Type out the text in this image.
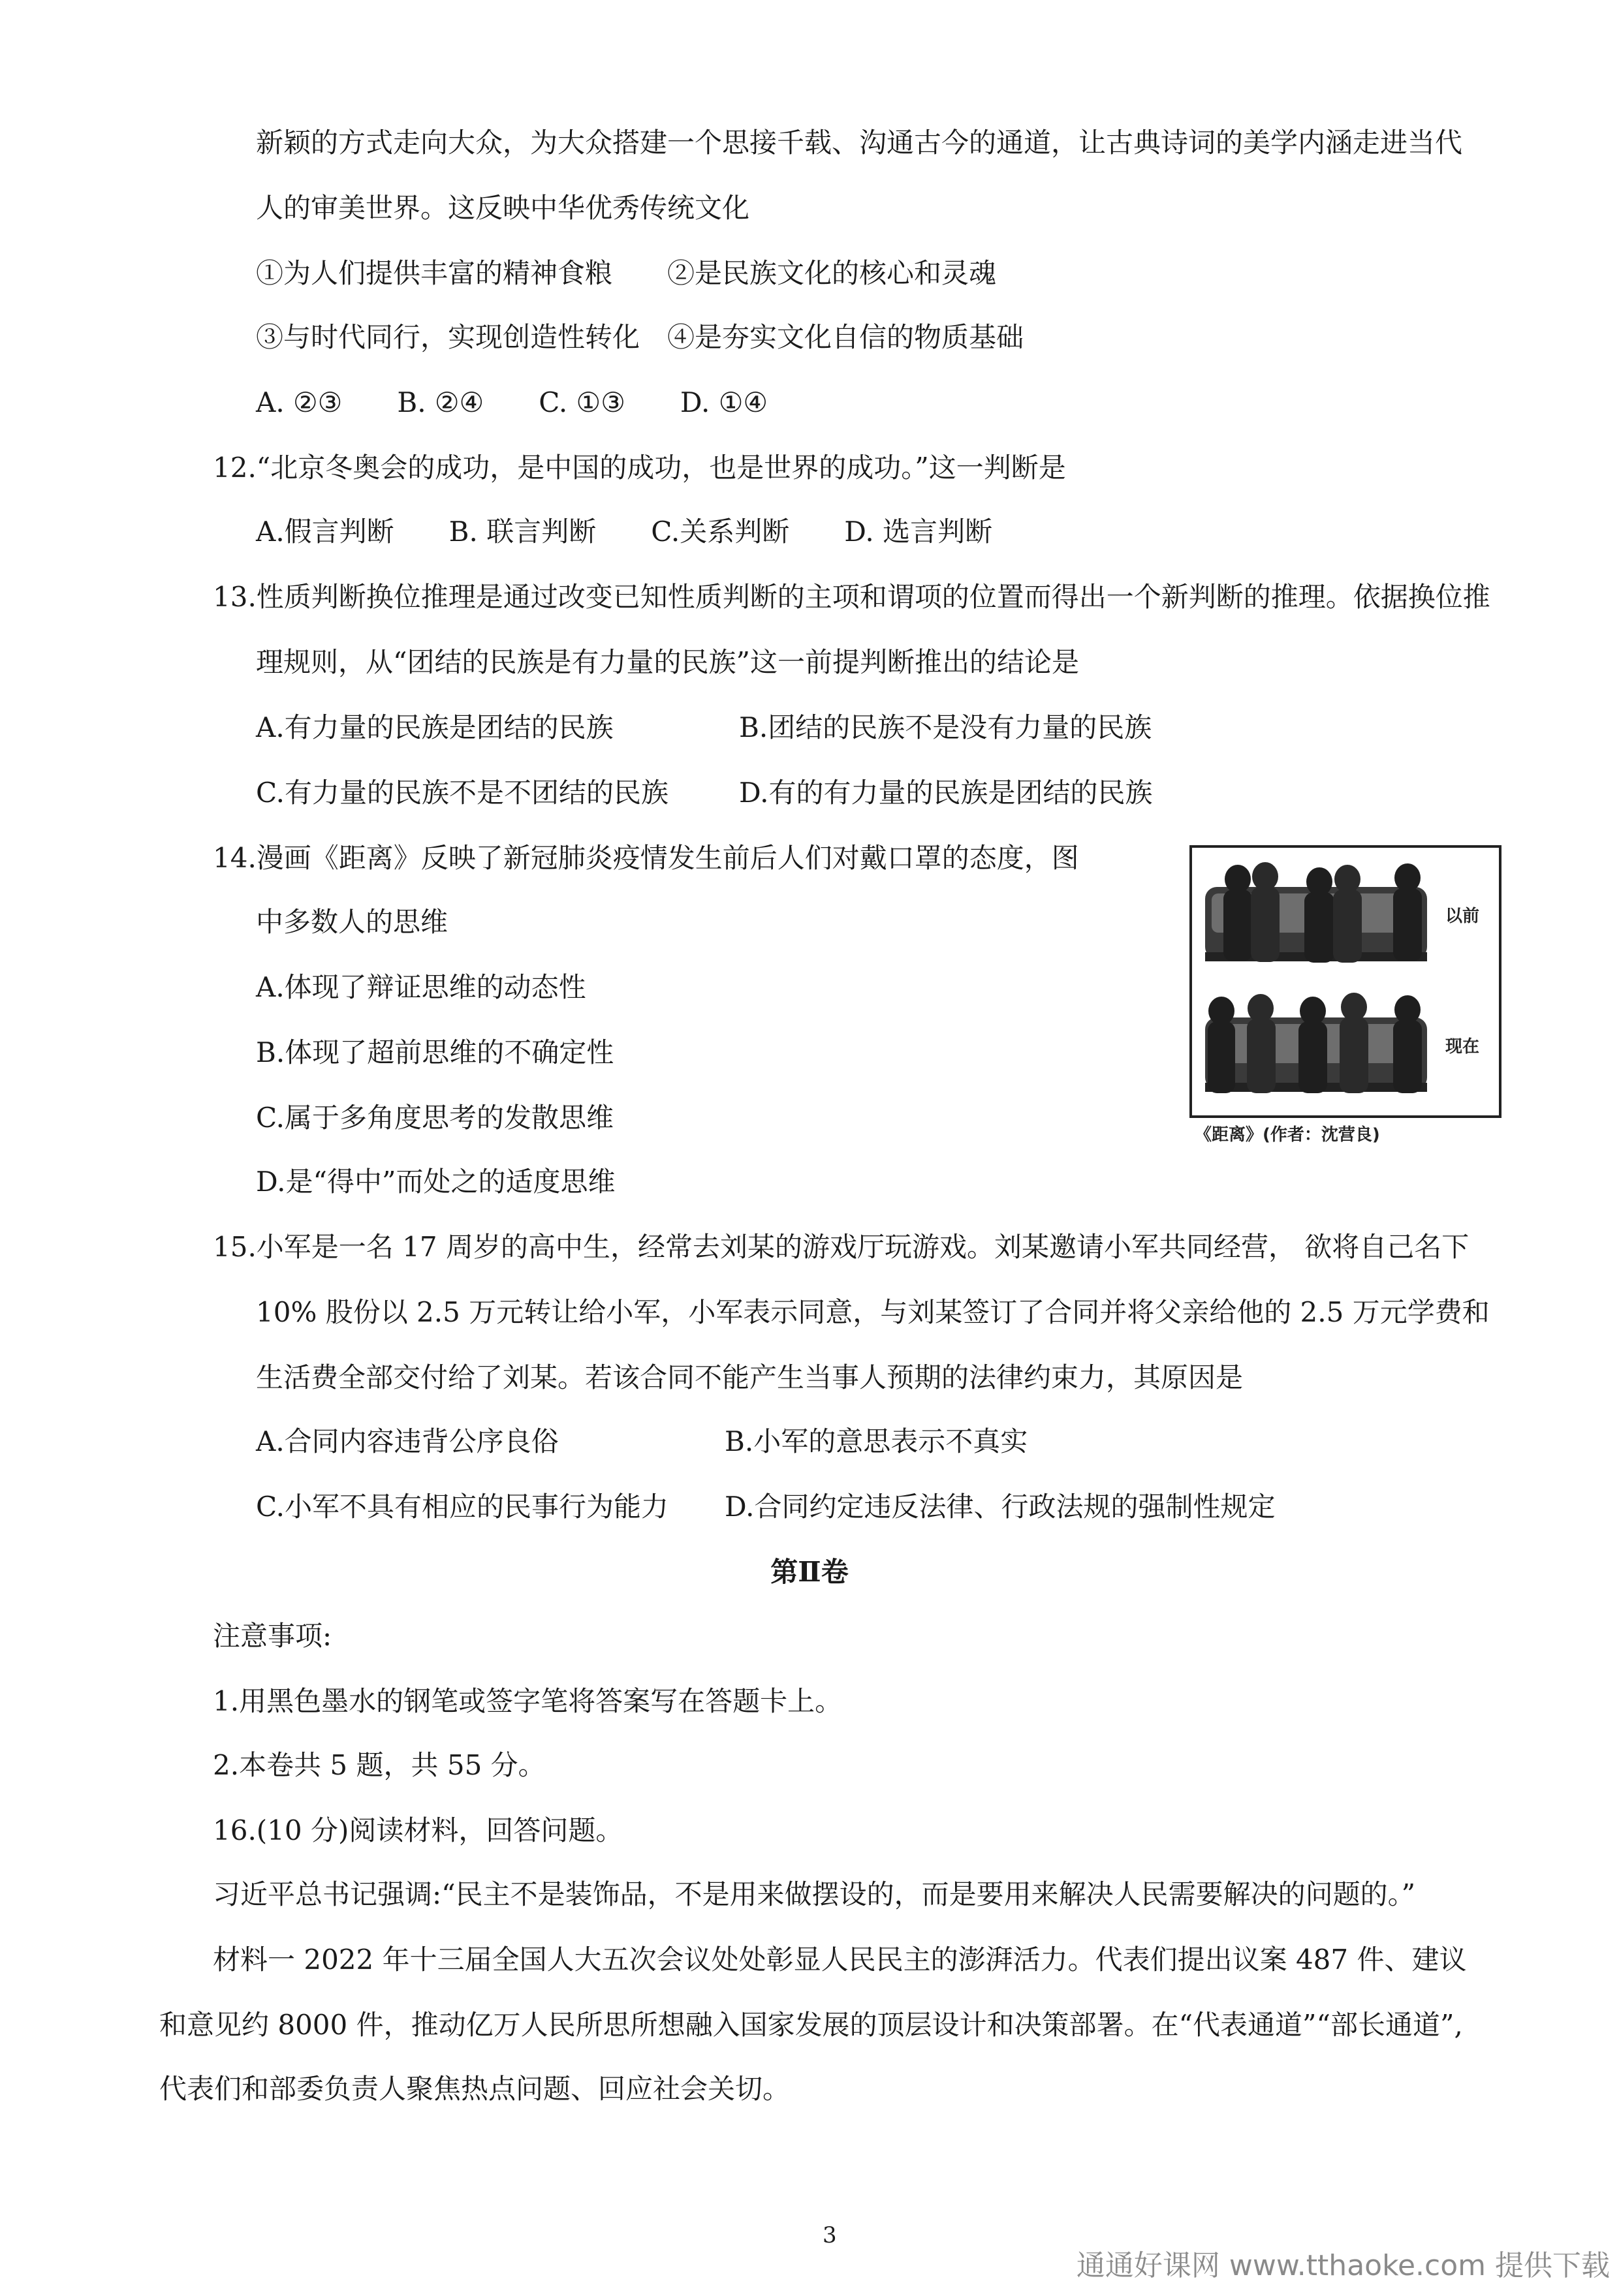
新颖的方式走向大众，为大众搭建一个思接千载、沟通古今的通道，让古典诗词的美学内涵走进当代
人的审美世界。这反映中华优秀传统文化
①为人们提供丰富的精神食粮　　②是民族文化的核心和灵魂
③与时代同行，实现创造性转化　④是夯实文化自信的物质基础
A. ②③　　B. ②④　　C. ①③　　D. ①④
12.“北京冬奥会的成功，是中国的成功，也是世界的成功。”这一判断是
A.假言判断　　B. 联言判断　　C.关系判断　　D. 选言判断
13.性质判断换位推理是通过改变已知性质判断的主项和谓项的位置而得出一个新判断的推理。依据换位推
理规则，从“团结的民族是有力量的民族”这一前提判断推出的结论是
A.有力量的民族是团结的民族	B.团结的民族不是没有力量的民族
C.有力量的民族不是不团结的民族	D.有的有力量的民族是团结的民族
14.漫画《距离》反映了新冠肺炎疫情发生前后人们对戴口罩的态度，图
中多数人的思维
A.体现了辩证思维的动态性
B.体现了超前思维的不确定性
C.属于多角度思考的发散思维
D.是“得中”而处之的适度思维
以前
现在
《距离》(作者：沈营良)
15.小军是一名 17 周岁的高中生，经常去刘某的游戏厅玩游戏。刘某邀请小军共同经营， 欲将自己名下
10% 股份以 2.5 万元转让给小军，小军表示同意，与刘某签订了合同并将父亲给他的 2.5 万元学费和
生活费全部交付给了刘某。若该合同不能产生当事人预期的法律约束力，其原因是
A.合同内容违背公序良俗	B.小军的意思表示不真实
C.小军不具有相应的民事行为能力 D.合同约定违反法律、行政法规的强制性规定
第Ⅱ卷
注意事项:
1.用黑色墨水的钢笔或签字笔将答案写在答题卡上。
2.本卷共 5 题，共 55 分。
16.(10 分)阅读材料，回答问题。
习近平总书记强调:“民主不是装饰品，不是用来做摆设的，而是要用来解决人民需要解决的问题的。”
材料一 2022 年十三届全国人大五次会议处处彰显人民民主的澎湃活力。代表们提出议案 487 件、建议
和意见约 8000 件，推动亿万人民所思所想融入国家发展的顶层设计和决策部署。在“代表通道”“部长通道”,
代表们和部委负责人聚焦热点问题、回应社会关切。
3
通通好课网 www.tthaoke.com 提供下载
